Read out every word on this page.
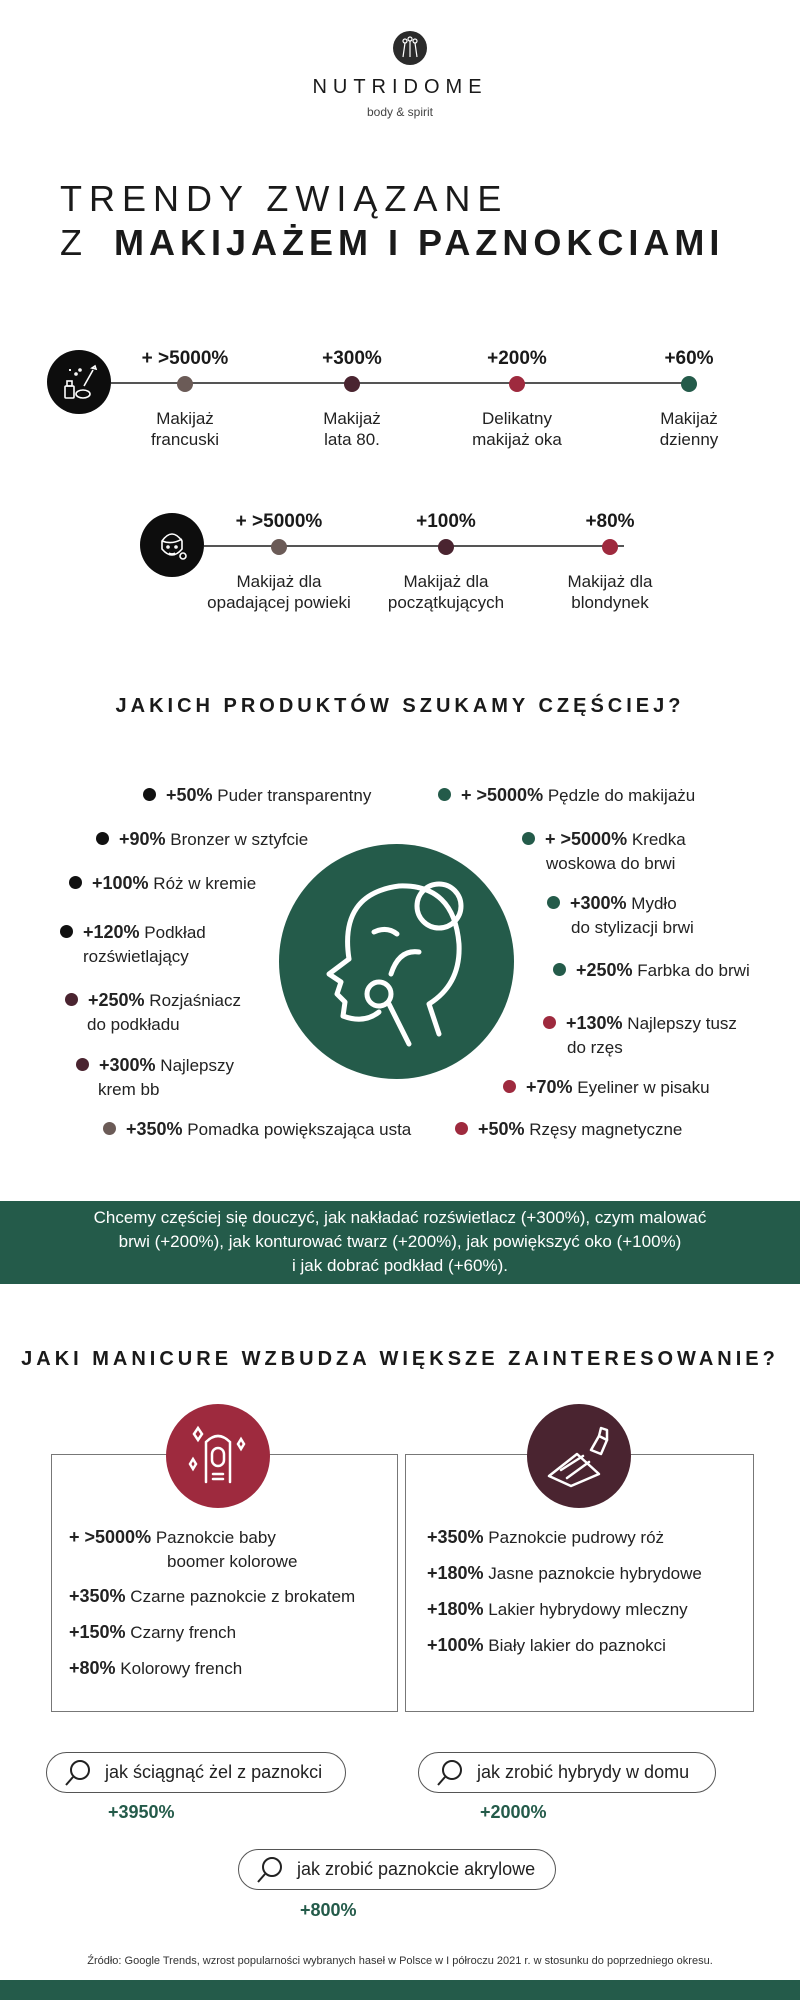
NUTRIDOME
body & spirit
TRENDY ZWIĄZANE
Z MAKIJAŻEM I PAZNOKCIAMI
+ >5000%
Makijaż
francuski
+300%
Makijaż
lata 80.
+200%
Delikatny
makijaż oka
+60%
Makijaż
dzienny
+ >5000%
Makijaż dla
opadającej powieki
+100%
Makijaż dla
początkujących
+80%
Makijaż dla
blondynek
JAKICH PRODUKTÓW SZUKAMY CZĘŚCIEJ?
+50% Puder transparentny
+90% Bronzer w sztyfcie
+100% Róż w kremie
+120% Podkład
rozświetlający
+250% Rozjaśniacz
do podkładu
+300% Najlepszy
krem bb
+350% Pomadka powiększająca usta
+ >5000% Pędzle do makijażu
+ >5000% Kredka
woskowa do brwi
+300% Mydło
do stylizacji brwi
+250% Farbka do brwi
+130% Najlepszy tusz
do rzęs
+70% Eyeliner w pisaku
+50% Rzęsy magnetyczne
Chcemy częściej się douczyć, jak nakładać rozświetlacz (+300%), czym malować
brwi (+200%), jak konturować twarz (+200%), jak powiększyć oko (+100%)
i jak dobrać podkład (+60%).
JAKI MANICURE WZBUDZA WIĘKSZE ZAINTERESOWANIE?
+ >5000% Paznokcie baby
boomer kolorowe
+350% Czarne paznokcie z brokatem
+150% Czarny french
+80% Kolorowy french
+350% Paznokcie pudrowy róż
+180% Jasne paznokcie hybrydowe
+180% Lakier hybrydowy mleczny
+100% Biały lakier do paznokci
jak ściągnąć żel z paznokci
+3950%
jak zrobić hybrydy w domu
+2000%
jak zrobić paznokcie akrylowe
+800%
Źródło: Google Trends, wzrost popularności wybranych haseł w Polsce w I półroczu 2021 r. w stosunku do poprzedniego okresu.
